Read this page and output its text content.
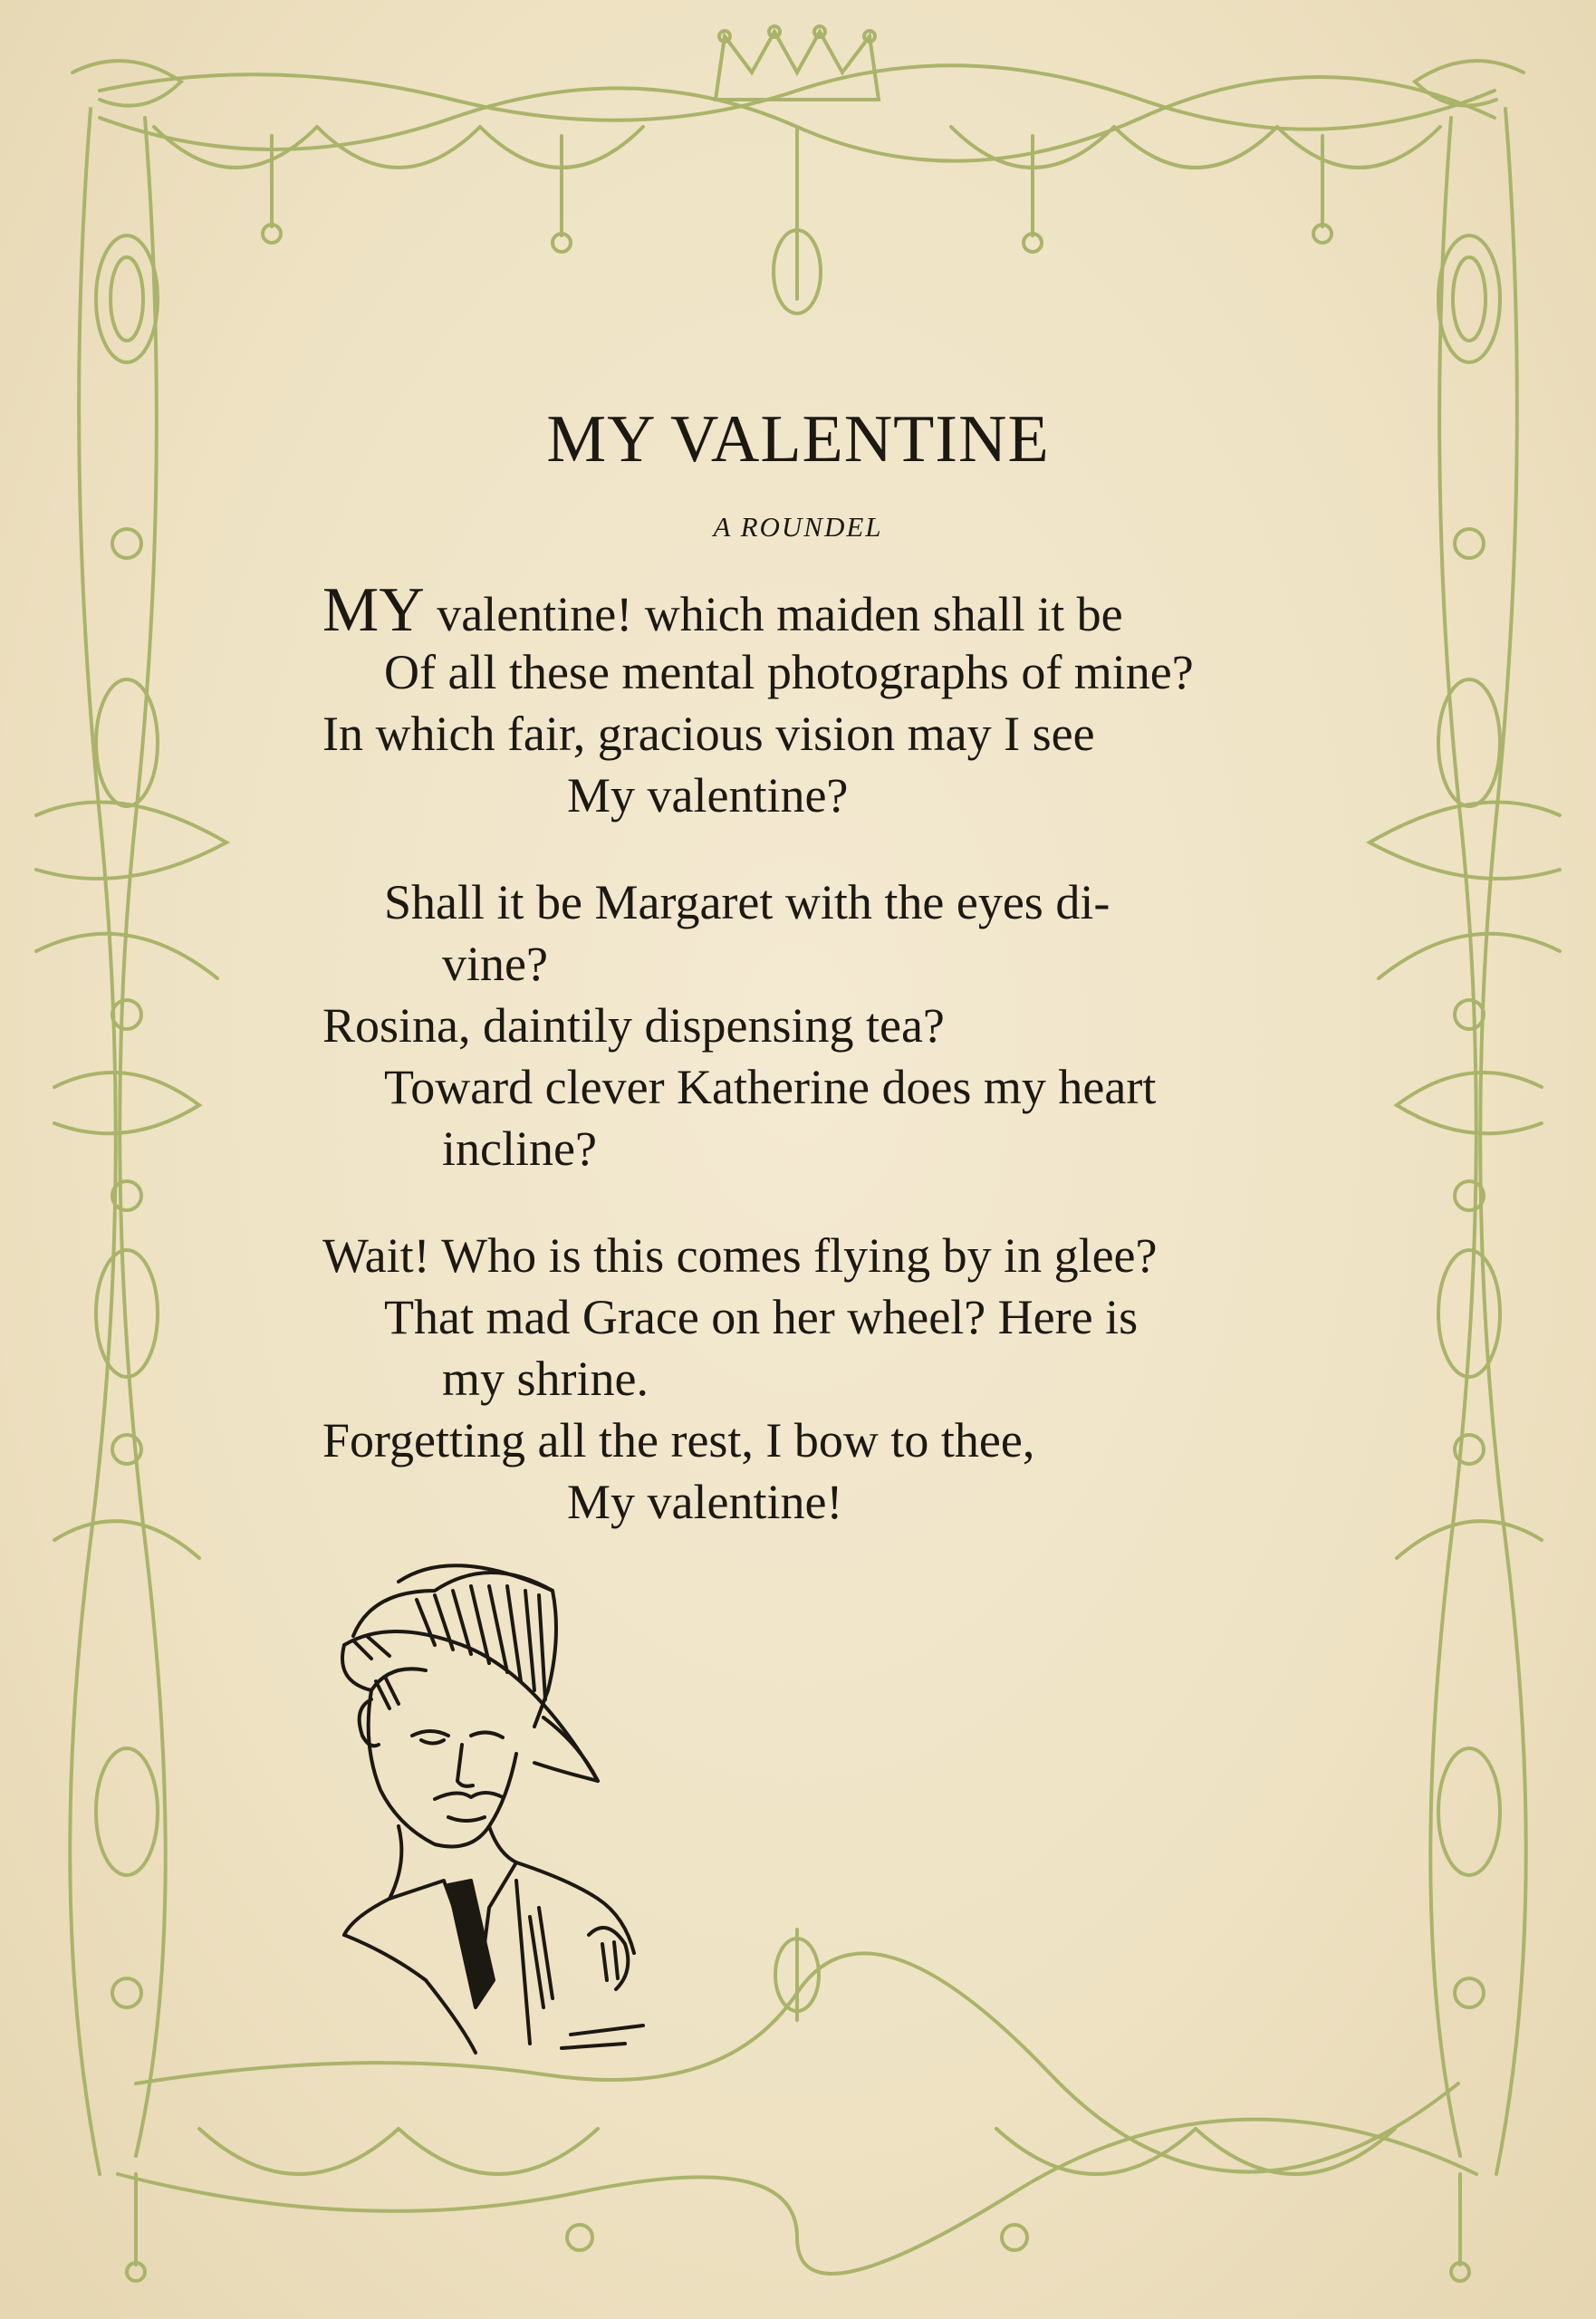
MY VALENTINE
A ROUNDEL
MY valentine! which maiden shall it be
Of all these mental photographs of mine?
In which fair, gracious vision may I see
My valentine?
Shall it be Margaret with the eyes di-
vine?
Rosina, daintily dispensing tea?
Toward clever Katherine does my heart
incline?
Wait! Who is this comes flying by in glee?
That mad Grace on her wheel? Here is
my shrine.
Forgetting all the rest, I bow to thee,
My valentine!
